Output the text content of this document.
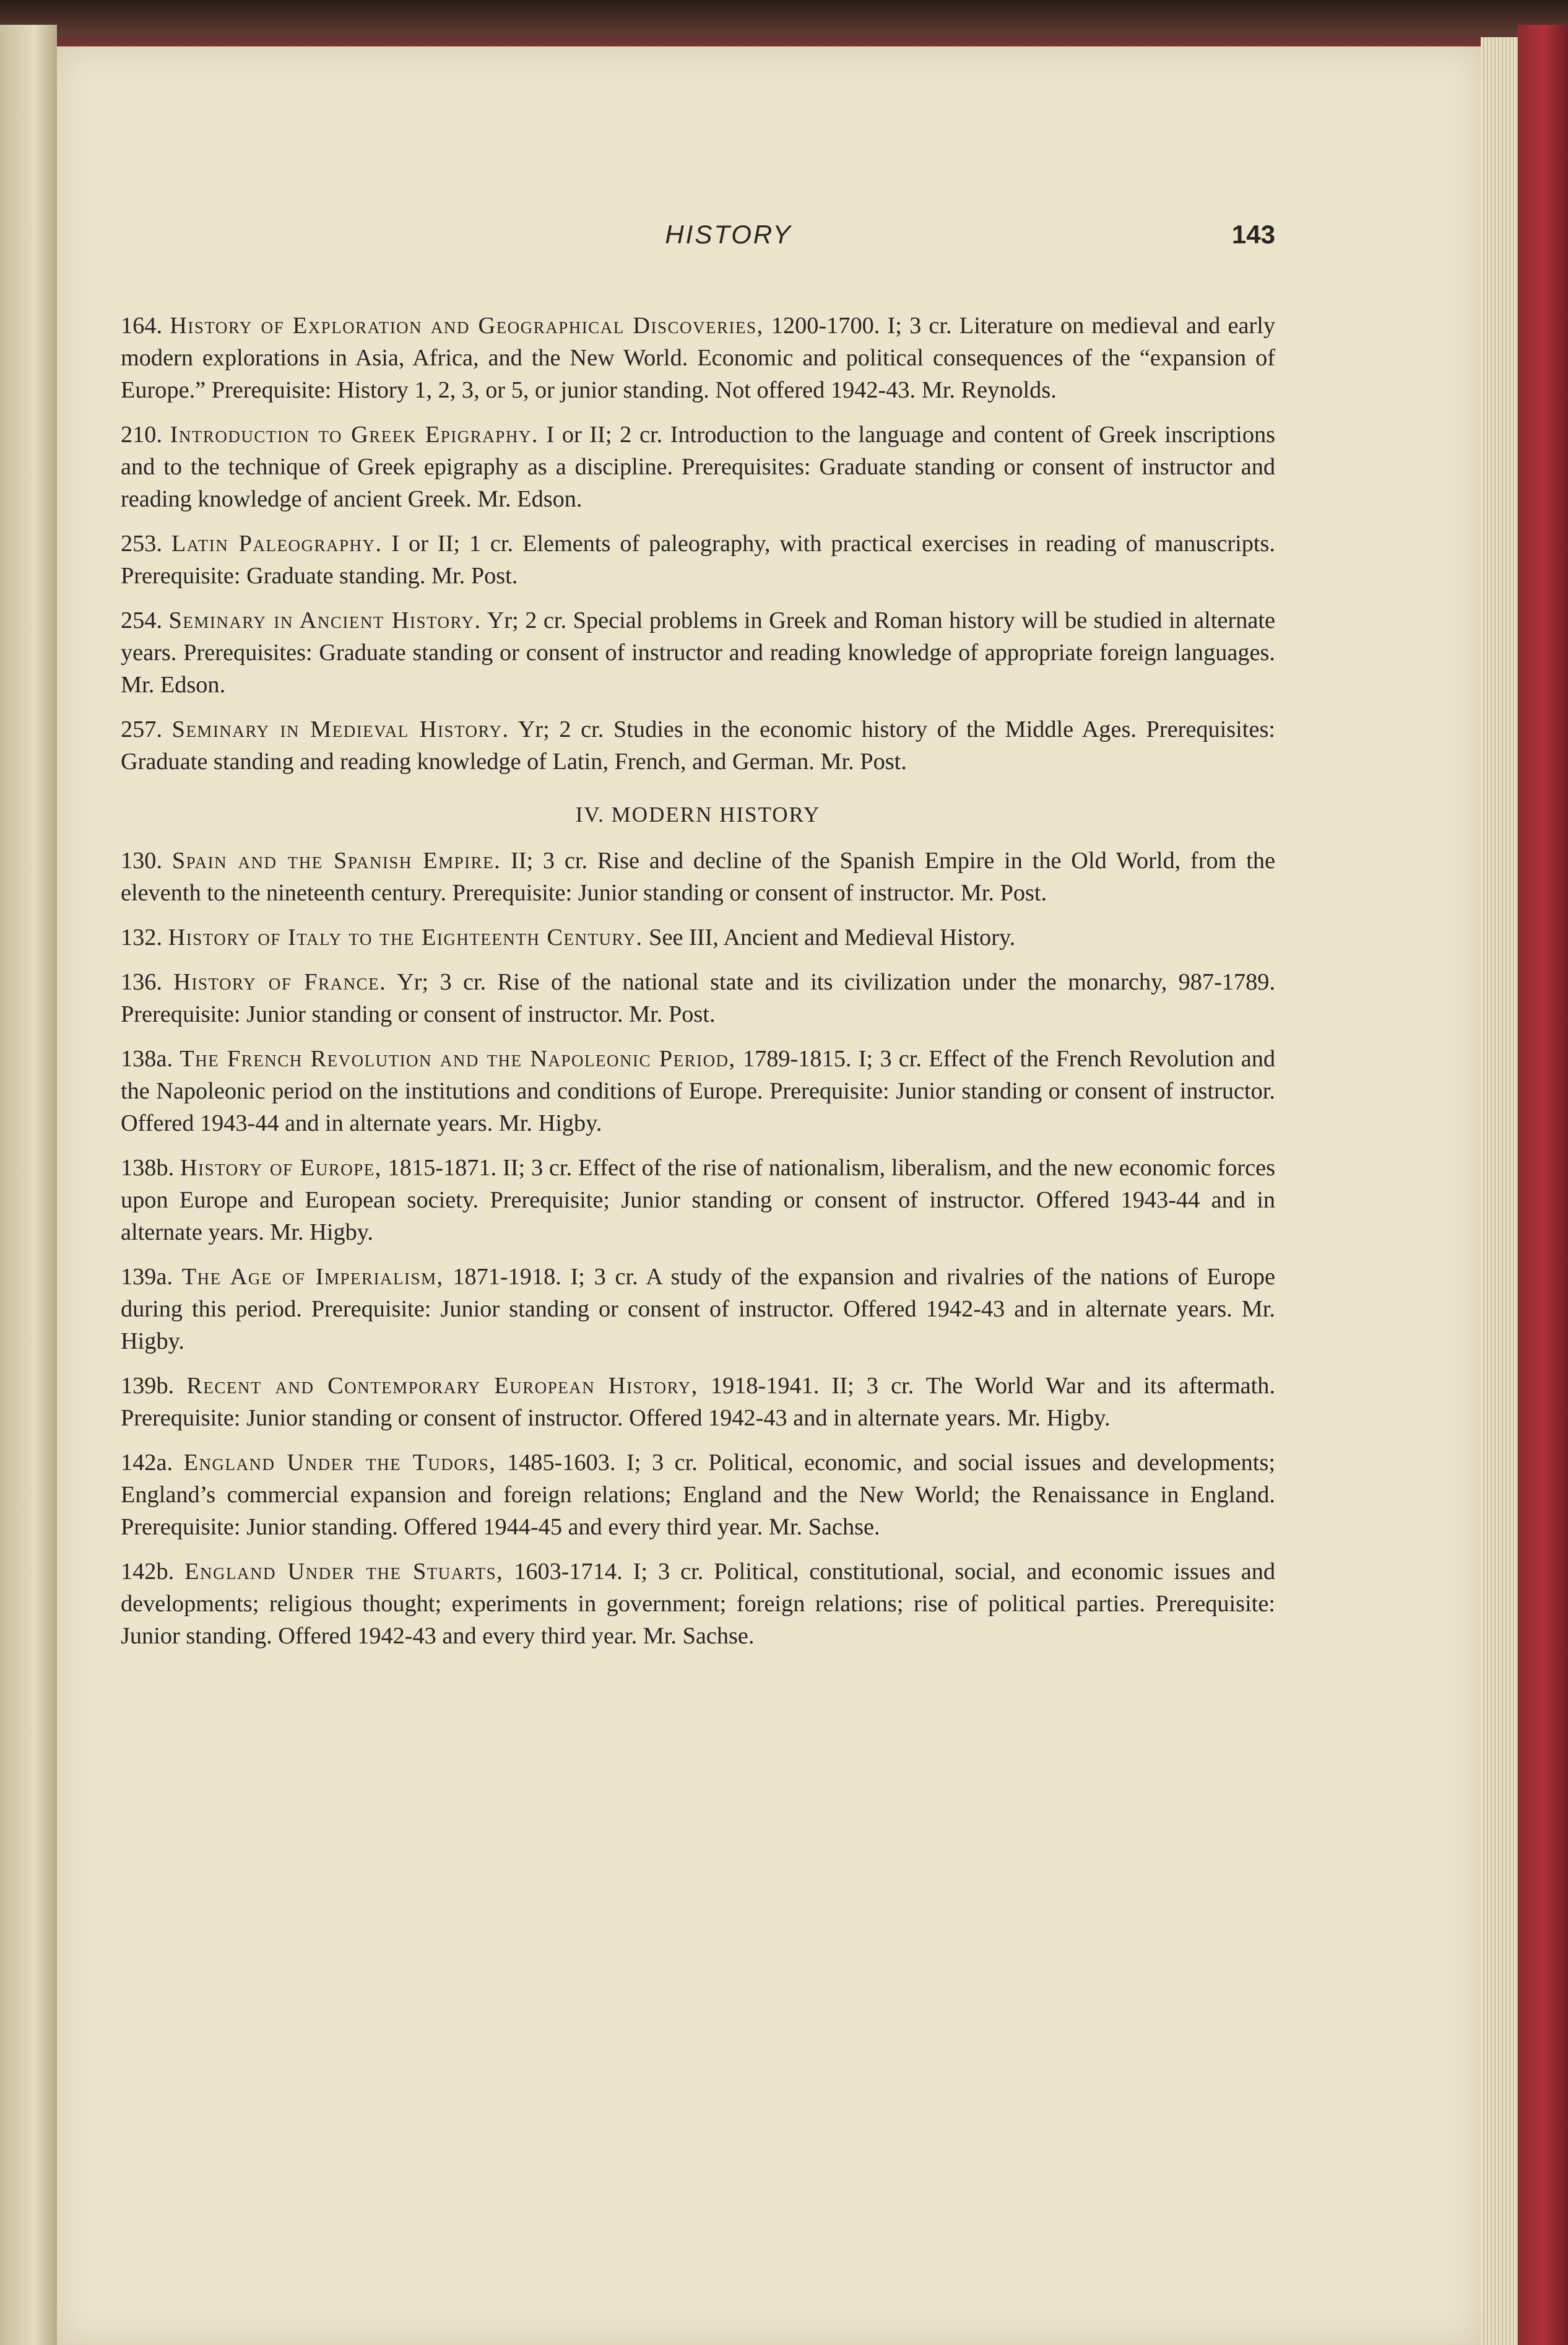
HISTORY	143

164. History of Exploration and Geographical Discoveries, 1200-1700. I; 3 cr. Literature on medieval and early modern explorations in Asia, Africa, and the New World. Economic and political consequences of the “expansion of Europe.” Prerequisite: History 1, 2, 3, or 5, or junior standing. Not offered 1942-43. Mr. Reynolds.

210. Introduction to Greek Epigraphy. I or II; 2 cr. Introduction to the language and content of Greek inscriptions and to the technique of Greek epigraphy as a discipline. Prerequisites: Graduate standing or consent of instructor and reading knowledge of ancient Greek. Mr. Edson.

253. Latin Paleography. I or II; 1 cr. Elements of paleography, with practical exercises in reading of manuscripts. Prerequisite: Graduate standing. Mr. Post.

254. Seminary in Ancient History. Yr; 2 cr. Special problems in Greek and Roman history will be studied in alternate years. Prerequisites: Graduate standing or consent of instructor and reading knowledge of appropriate foreign languages. Mr. Edson.

257. Seminary in Medieval History. Yr; 2 cr. Studies in the economic history of the Middle Ages. Prerequisites: Graduate standing and reading knowledge of Latin, French, and German. Mr. Post.

IV. MODERN HISTORY

130. Spain and the Spanish Empire. II; 3 cr. Rise and decline of the Spanish Empire in the Old World, from the eleventh to the nineteenth century. Prerequisite: Junior standing or consent of instructor. Mr. Post.

132. History of Italy to the Eighteenth Century. See III, Ancient and Medieval History.

136. History of France. Yr; 3 cr. Rise of the national state and its civilization under the monarchy, 987-1789. Prerequisite: Junior standing or consent of instructor. Mr. Post.

138a. The French Revolution and the Napoleonic Period, 1789-1815. I; 3 cr. Effect of the French Revolution and the Napoleonic period on the institutions and conditions of Europe. Prerequisite: Junior standing or consent of instructor. Offered 1943-44 and in alternate years. Mr. Higby.

138b. History of Europe, 1815-1871. II; 3 cr. Effect of the rise of nationalism, liberalism, and the new economic forces upon Europe and European society. Prerequisite; Junior standing or consent of instructor. Offered 1943-44 and in alternate years. Mr. Higby.

139a. The Age of Imperialism, 1871-1918. I; 3 cr. A study of the expansion and rivalries of the nations of Europe during this period. Prerequisite: Junior standing or consent of instructor. Offered 1942-43 and in alternate years. Mr. Higby.

139b. Recent and Contemporary European History, 1918-1941. II; 3 cr. The World War and its aftermath. Prerequisite: Junior standing or consent of instructor. Offered 1942-43 and in alternate years. Mr. Higby.

142a. England Under the Tudors, 1485-1603. I; 3 cr. Political, economic, and social issues and developments; England’s commercial expansion and foreign relations; England and the New World; the Renaissance in England. Prerequisite: Junior standing. Offered 1944-45 and every third year. Mr. Sachse.

142b. England Under the Stuarts, 1603-1714. I; 3 cr. Political, constitutional, social, and economic issues and developments; religious thought; experiments in government; foreign relations; rise of political parties. Prerequisite: Junior standing. Offered 1942-43 and every third year. Mr. Sachse.
